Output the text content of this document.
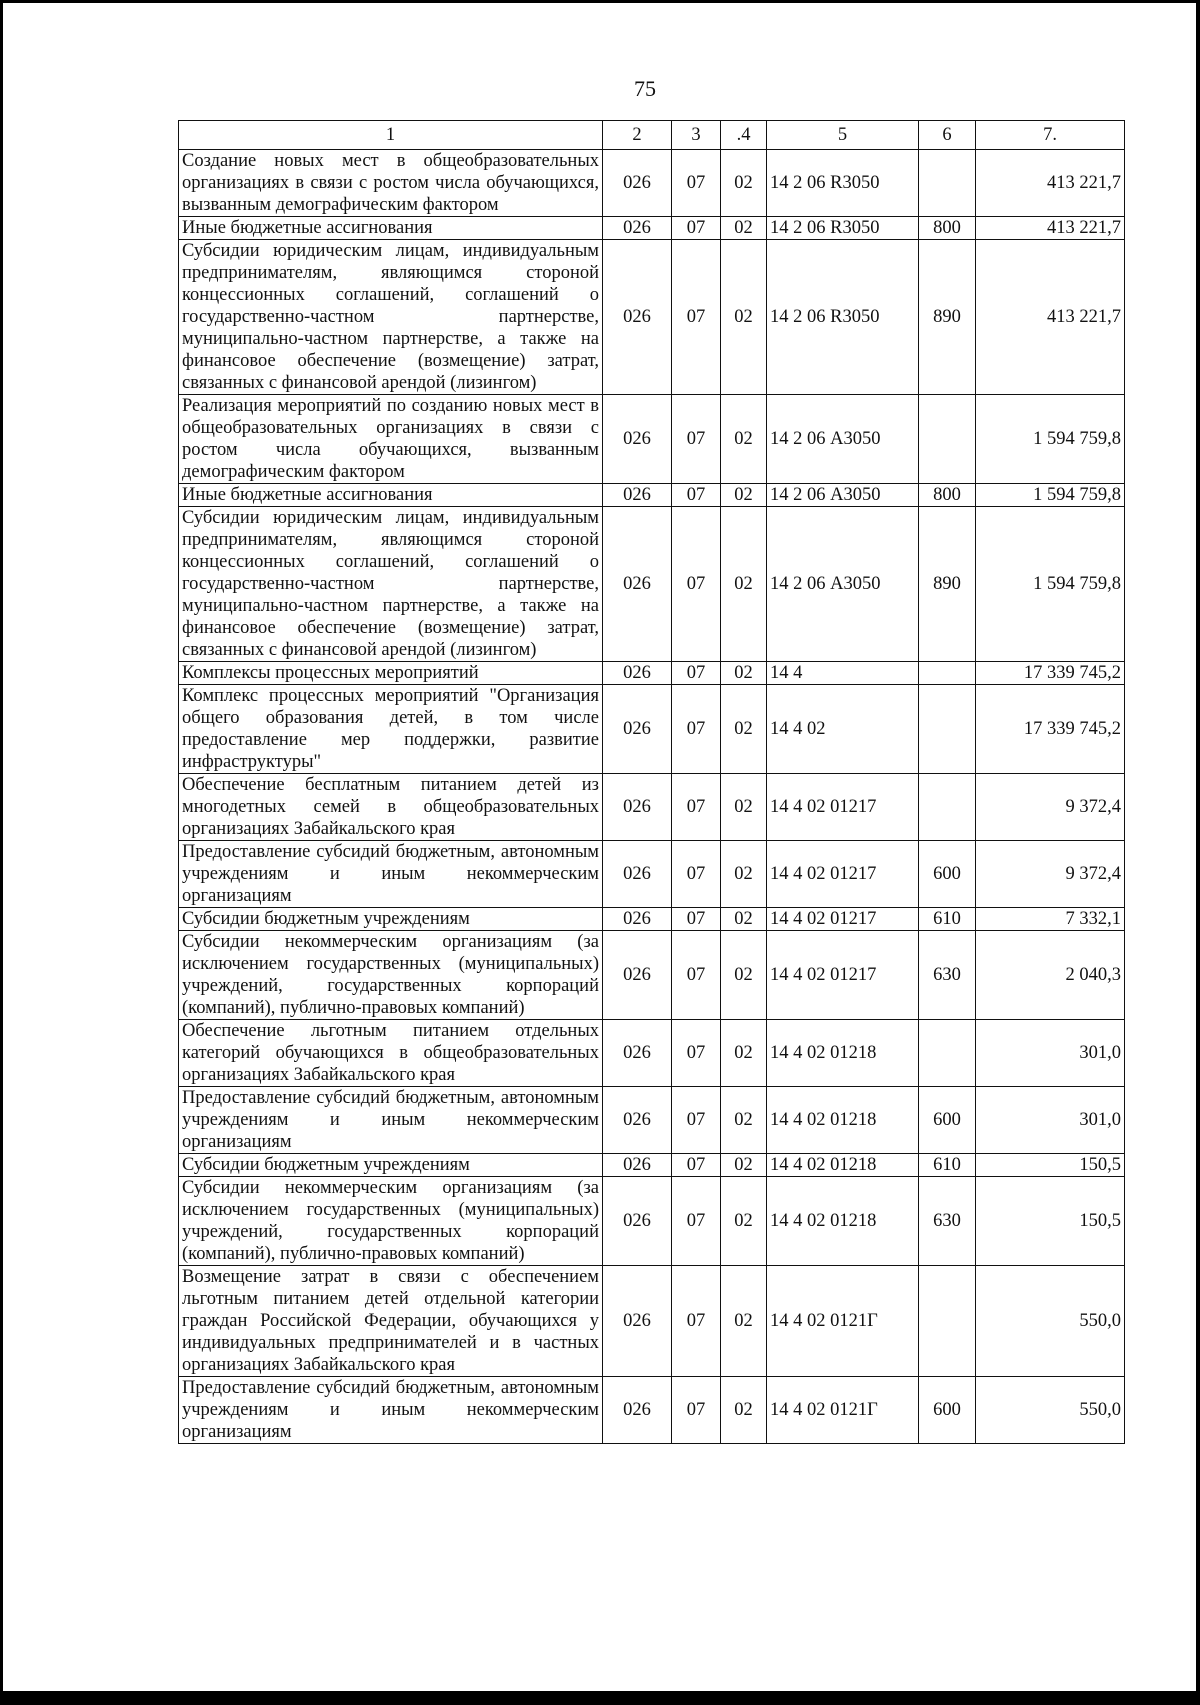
75
1	2	3	.4	5	6	7.
Создание новых мест в общеобразовательных организациях в связи с ростом числа обучающихся, вызванным демографическим фактором	026	07	02	14 2 06 R3050		413 221,7
Иные бюджетные ассигнования	026	07	02	14 2 06 R3050	800	413 221,7
Субсидии юридическим лицам, индивидуальным предпринимателям, являющимся стороной концессионных соглашений, соглашений о государственно-частном партнерстве, муниципально-частном партнерстве, а также на финансовое обеспечение (возмещение) затрат, связанных с финансовой арендой (лизингом)	026	07	02	14 2 06 R3050	890	413 221,7
Реализация мероприятий по созданию новых мест в общеобразовательных организациях в связи с ростом числа обучающихся, вызванным демографическим фактором	026	07	02	14 2 06 А3050		1 594 759,8
Иные бюджетные ассигнования	026	07	02	14 2 06 А3050	800	1 594 759,8
Субсидии юридическим лицам, индивидуальным предпринимателям, являющимся стороной концессионных соглашений, соглашений о государственно-частном партнерстве, муниципально-частном партнерстве, а также на финансовое обеспечение (возмещение) затрат, связанных с финансовой арендой (лизингом)	026	07	02	14 2 06 А3050	890	1 594 759,8
Комплексы процессных мероприятий	026	07	02	14 4		17 339 745,2
Комплекс процессных мероприятий "Организация общего образования детей, в том числе предоставление мер поддержки, развитие инфраструктуры"	026	07	02	14 4 02		17 339 745,2
Обеспечение бесплатным питанием детей из многодетных семей в общеобразовательных организациях Забайкальского края	026	07	02	14 4 02 01217		9 372,4
Предоставление субсидий бюджетным, автономным учреждениям и иным некоммерческим организациям	026	07	02	14 4 02 01217	600	9 372,4
Субсидии бюджетным учреждениям	026	07	02	14 4 02 01217	610	7 332,1
Субсидии некоммерческим организациям (за исключением государственных (муниципальных) учреждений, государственных корпораций (компаний), публично-правовых компаний)	026	07	02	14 4 02 01217	630	2 040,3
Обеспечение льготным питанием отдельных категорий обучающихся в общеобразовательных организациях Забайкальского края	026	07	02	14 4 02 01218		301,0
Предоставление субсидий бюджетным, автономным учреждениям и иным некоммерческим организациям	026	07	02	14 4 02 01218	600	301,0
Субсидии бюджетным учреждениям	026	07	02	14 4 02 01218	610	150,5
Субсидии некоммерческим организациям (за исключением государственных (муниципальных) учреждений, государственных корпораций (компаний), публично-правовых компаний)	026	07	02	14 4 02 01218	630	150,5
Возмещение затрат в связи с обеспечением льготным питанием детей отдельной категории граждан Российской Федерации, обучающихся у индивидуальных предпринимателей и в частных организациях Забайкальского края	026	07	02	14 4 02 0121Г		550,0
Предоставление субсидий бюджетным, автономным учреждениям и иным некоммерческим организациям	026	07	02	14 4 02 0121Г	600	550,0
